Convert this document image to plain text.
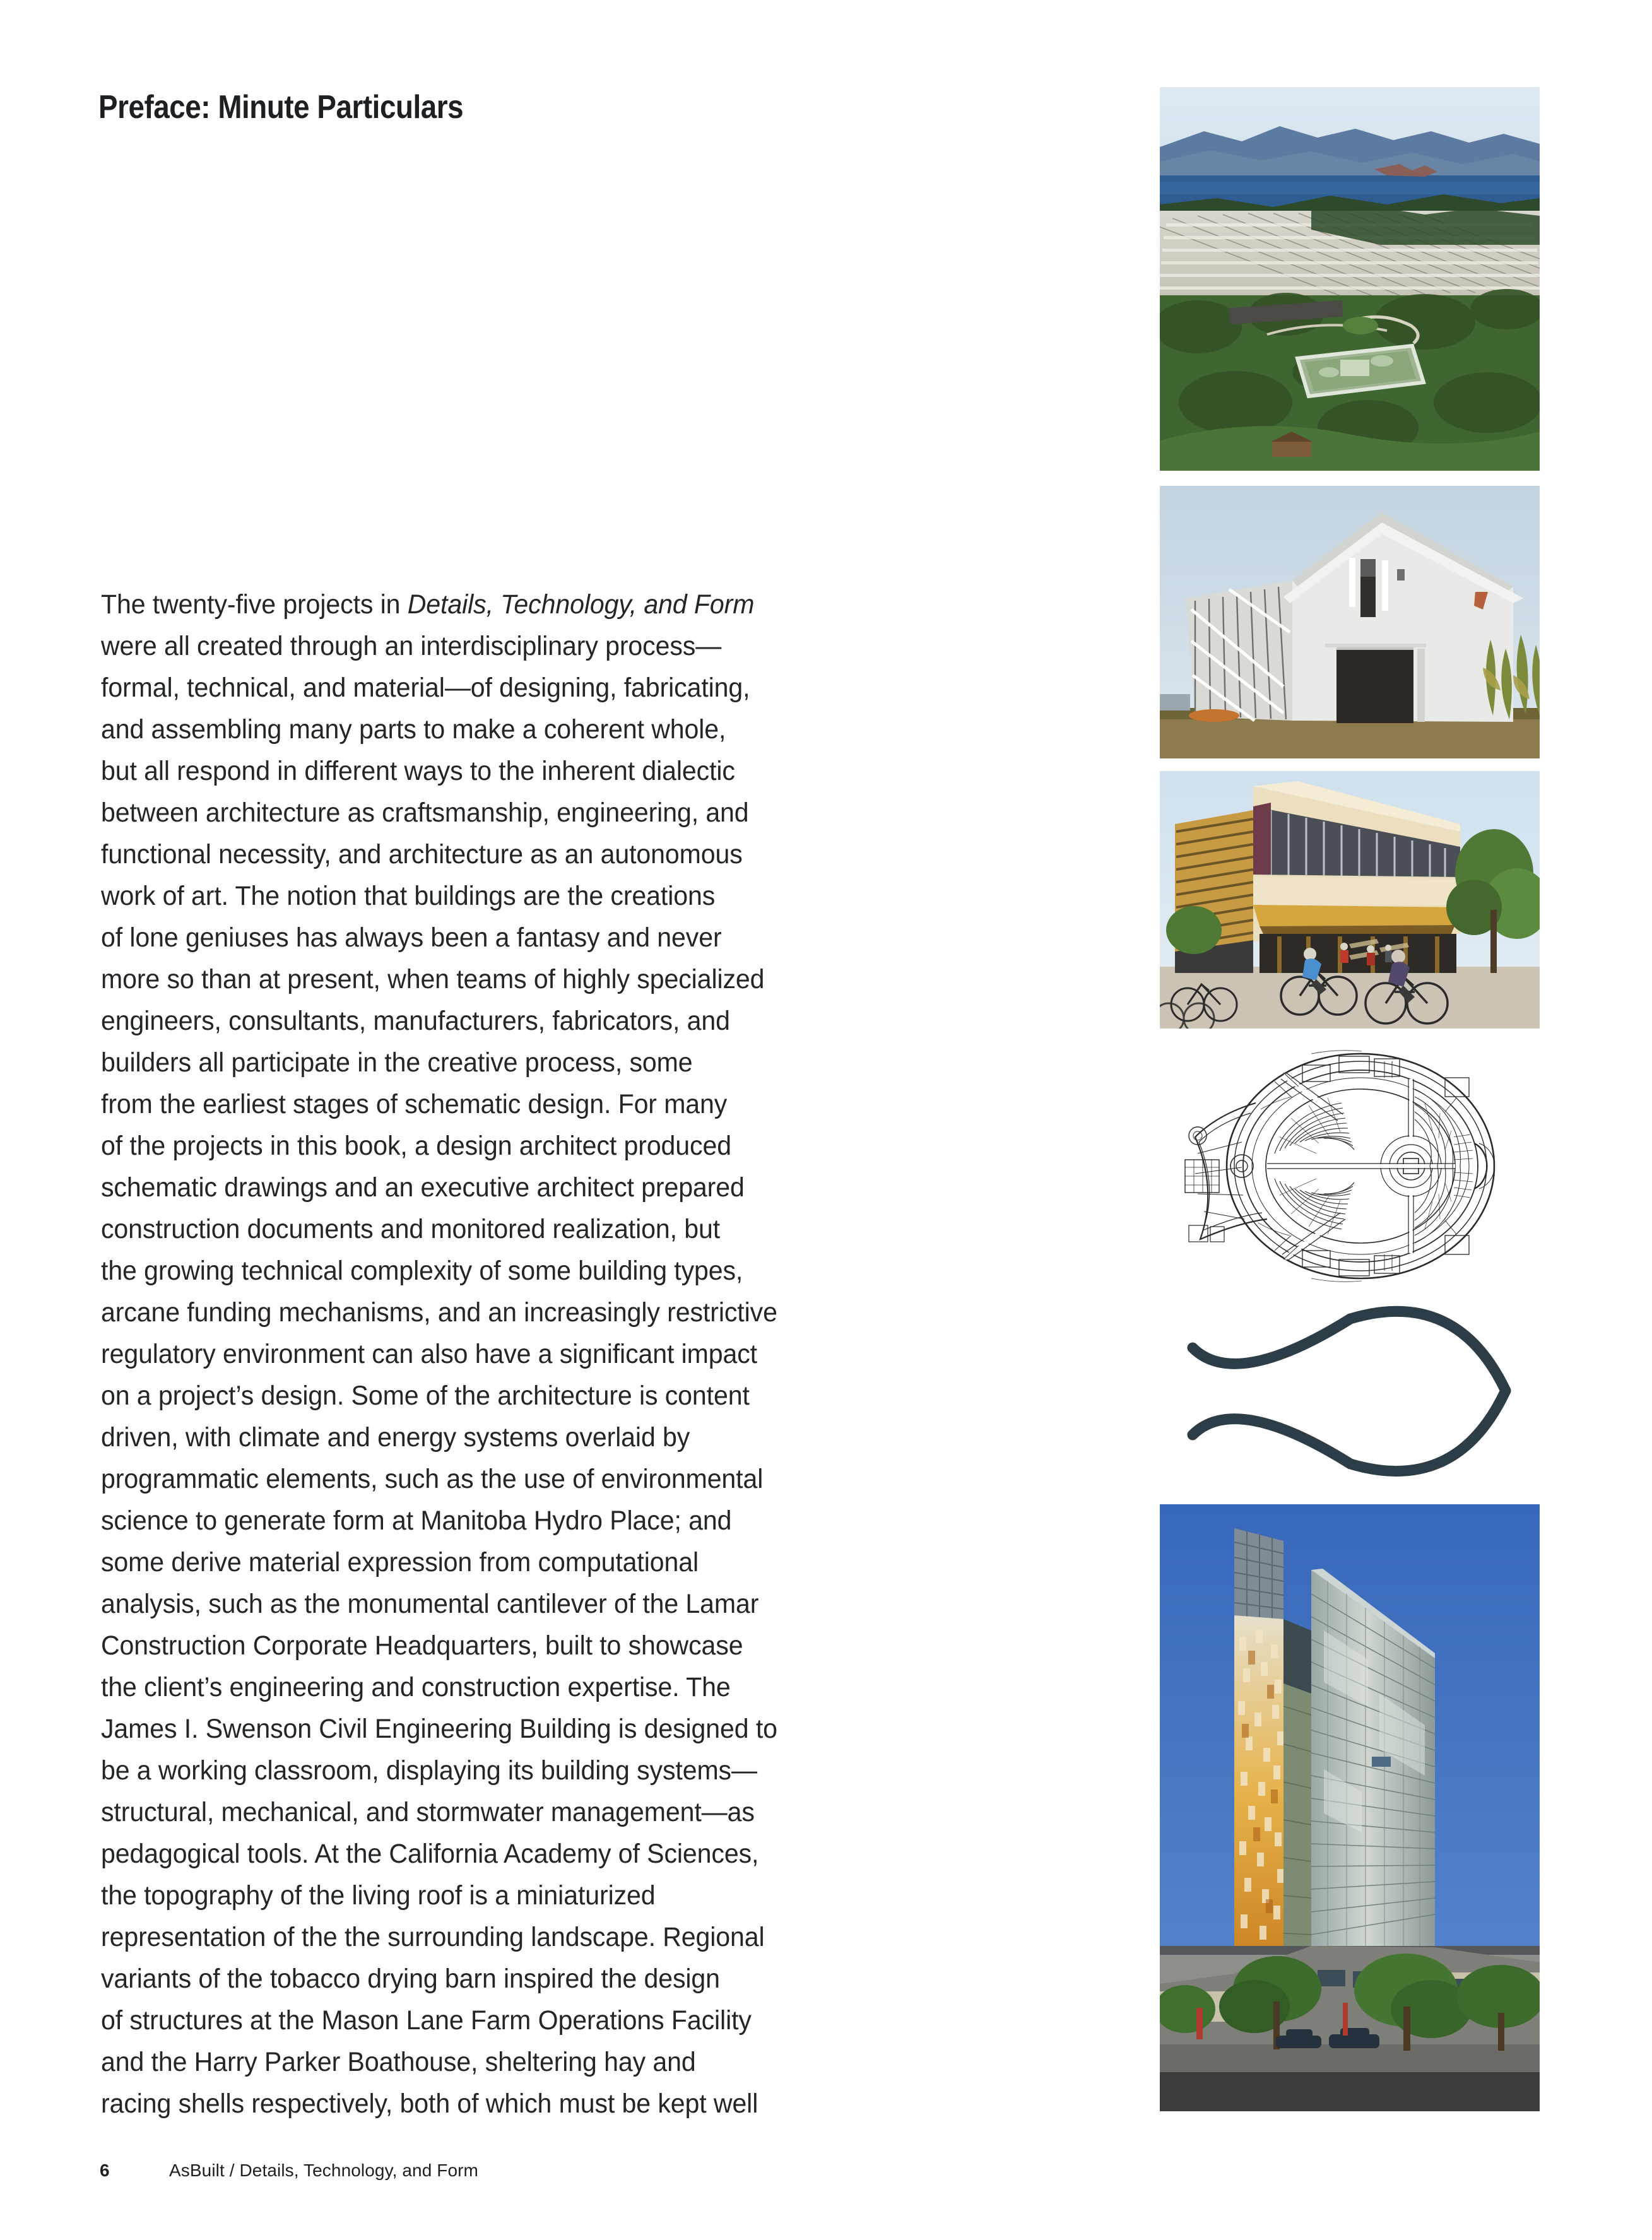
Preface: Minute Particulars
The twenty-five projects in Details, Technology, and Form
were all created through an interdisciplinary process—
formal, technical, and material—of designing, fabricating,
and assembling many parts to make a coherent whole,
but all respond in different ways to the inherent dialectic
between architecture as craftsmanship, engineering, and
functional necessity, and architecture as an autonomous
work of art. The notion that buildings are the creations
of lone geniuses has always been a fantasy and never
more so than at present, when teams of highly specialized
engineers, consultants, manufacturers, fabricators, and
builders all participate in the creative process, some
from the earliest stages of schematic design. For many
of the projects in this book, a design architect produced
schematic drawings and an executive architect prepared
construction documents and monitored realization, but
the growing technical complexity of some building types,
arcane funding mechanisms, and an increasingly restrictive
regulatory environment can also have a significant impact
on a project’s design. Some of the architecture is content
driven, with climate and energy systems overlaid by
programmatic elements, such as the use of environmental
science to generate form at Manitoba Hydro Place; and
some derive material expression from computational
analysis, such as the monumental cantilever of the Lamar
Construction Corporate Headquarters, built to showcase
the client’s engineering and construction expertise. The
James I. Swenson Civil Engineering Building is designed to
be a working classroom, displaying its building systems—
structural, mechanical, and stormwater management—as
pedagogical tools. At the California Academy of Sciences,
the topography of the living roof is a miniaturized
representation of the the surrounding landscape. Regional
variants of the tobacco drying barn inspired the design
of structures at the Mason Lane Farm Operations Facility
and the Harry Parker Boathouse, sheltering hay and
racing shells respectively, both of which must be kept well
6	AsBuilt / Details, Technology, and Form
